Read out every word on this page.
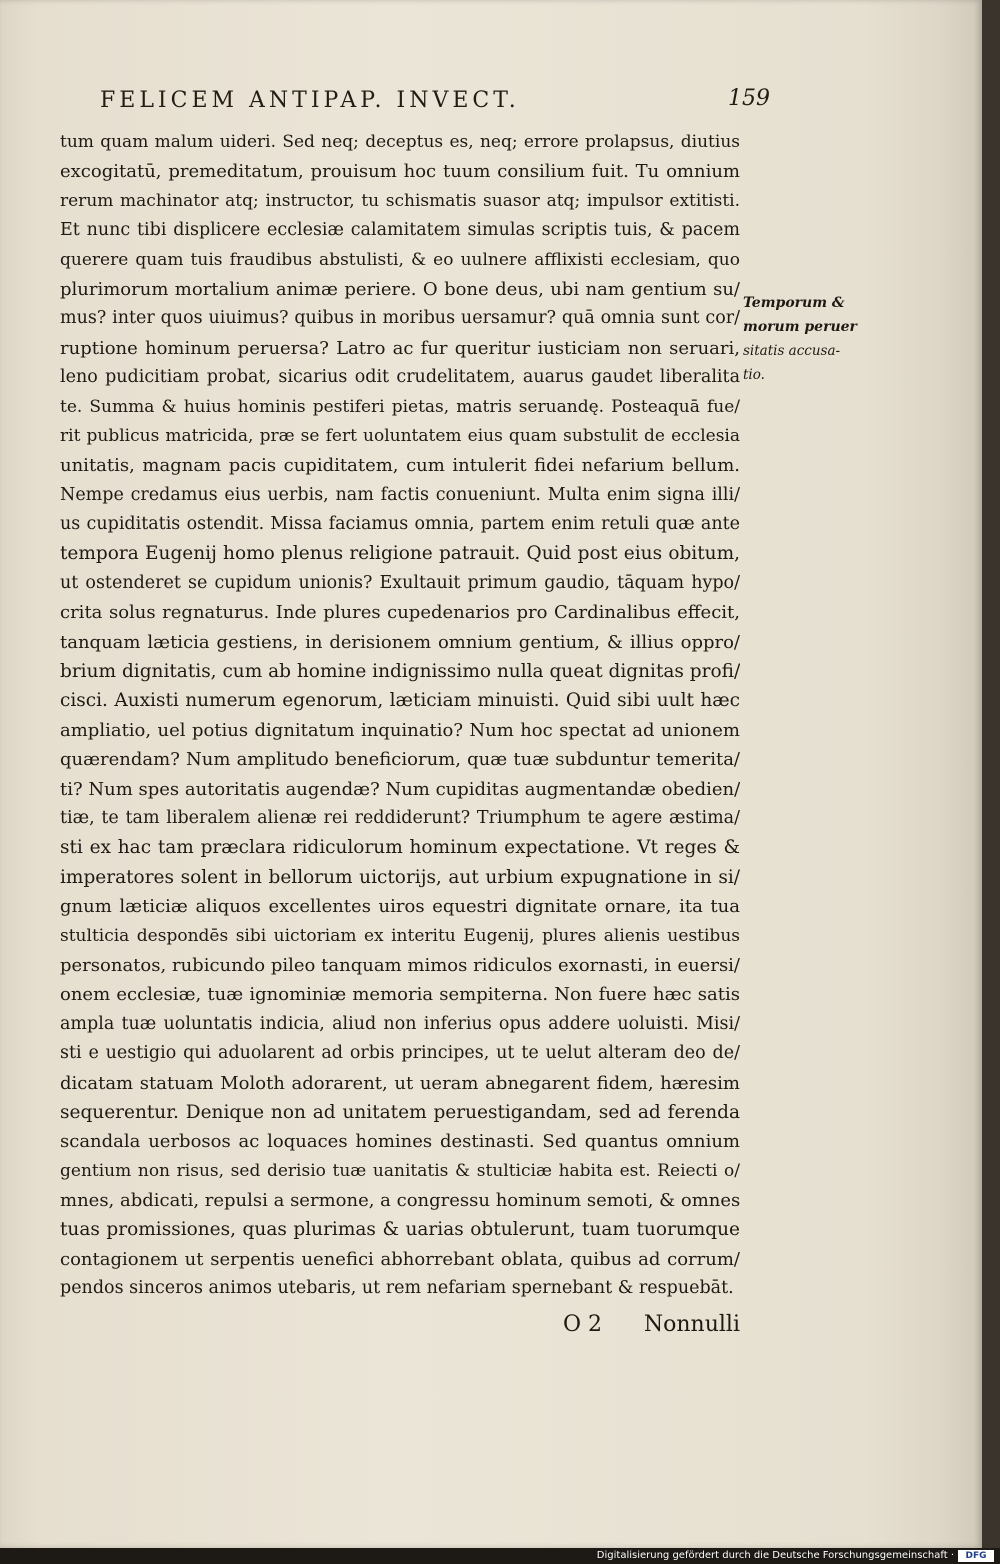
FELICEM ANTIPAP. INVECT.	159
tum quam malum uideri. Sed neq; deceptus es, neq; errore prolapsus, diutius
excogitatū, premeditatum, prouisum hoc tuum consilium fuit. Tu omnium
rerum machinator atq; instructor, tu schismatis suasor atq; impulsor extitisti.
Et nunc tibi displicere ecclesiæ calamitatem simulas scriptis tuis, & pacem
querere quam tuis fraudibus abstulisti, & eo uulnere afflixisti ecclesiam, quo
plurimorum mortalium animæ periere. O bone deus, ubi nam gentium su/
mus? inter quos uiuimus? quibus in moribus uersamur? quā omnia sunt cor/
ruptione hominum peruersa? Latro ac fur queritur iusticiam non seruari,
leno pudicitiam probat, sicarius odit crudelitatem, auarus gaudet liberalita
te. Summa & huius hominis pestiferi pietas, matris seruandę. Posteaquā fue/
rit publicus matricida, præ se fert uoluntatem eius quam substulit de ecclesia
unitatis, magnam pacis cupiditatem, cum intulerit fidei nefarium bellum.
Nempe credamus eius uerbis, nam factis conueniunt. Multa enim signa illi/
us cupiditatis ostendit. Missa faciamus omnia, partem enim retuli quæ ante
tempora Eugenij homo plenus religione patrauit. Quid post eius obitum,
ut ostenderet se cupidum unionis? Exultauit primum gaudio, tāquam hypo/
crita solus regnaturus. Inde plures cupedenarios pro Cardinalibus effecit,
tanquam læticia gestiens, in derisionem omnium gentium, & illius oppro/
brium dignitatis, cum ab homine indignissimo nulla queat dignitas profi/
cisci. Auxisti numerum egenorum, læticiam minuisti. Quid sibi uult hæc
ampliatio, uel potius dignitatum inquinatio? Num hoc spectat ad unionem
quærendam? Num amplitudo beneficiorum, quæ tuæ subduntur temerita/
ti? Num spes autoritatis augendæ? Num cupiditas augmentandæ obedien/
tiæ, te tam liberalem alienæ rei reddiderunt? Triumphum te agere æstima/
sti ex hac tam præclara ridiculorum hominum expectatione. Vt reges &
imperatores solent in bellorum uictorijs, aut urbium expugnatione in si/
gnum læticiæ aliquos excellentes uiros equestri dignitate ornare, ita tua
stulticia despondēs sibi uictoriam ex interitu Eugenij, plures alienis uestibus
personatos, rubicundo pileo tanquam mimos ridiculos exornasti, in euersi/
onem ecclesiæ, tuæ ignominiæ memoria sempiterna. Non fuere hæc satis
ampla tuæ uoluntatis indicia, aliud non inferius opus addere uoluisti. Misi/
sti e uestigio qui aduolarent ad orbis principes, ut te uelut alteram deo de/
dicatam statuam Moloth adorarent, ut ueram abnegarent fidem, hæresim
sequerentur. Denique non ad unitatem peruestigandam, sed ad ferenda
scandala uerbosos ac loquaces homines destinasti. Sed quantus omnium
gentium non risus, sed derisio tuæ uanitatis & stulticiæ habita est. Reiecti o/
mnes, abdicati, repulsi a sermone, a congressu hominum semoti, & omnes
tuas promissiones, quas plurimas & uarias obtulerunt, tuam tuorumque
contagionem ut serpentis uenefici abhorrebant oblata, quibus ad corrum/
pendos sinceros animos utebaris, ut rem nefariam spernebant & respuebāt.
Temporum &
morum peruer
sitatis accusa-
tio.
O 2 Nonnulli
Digitalisierung gefördert durch die Deutsche Forschungsgemeinschaft ·	DFG
